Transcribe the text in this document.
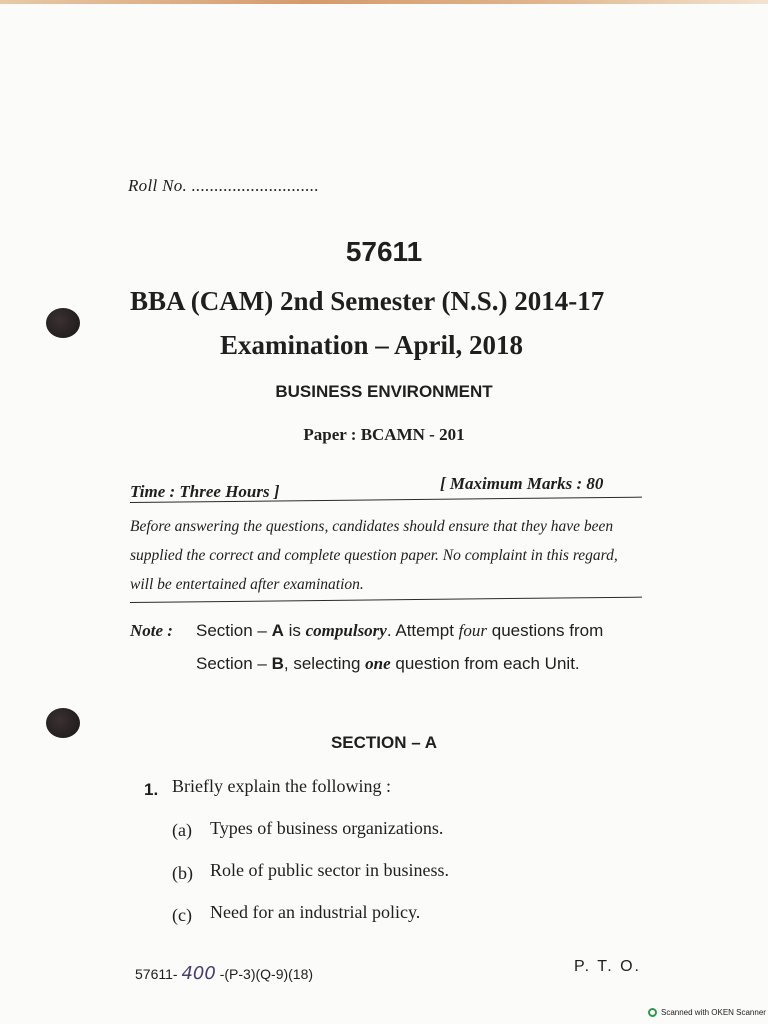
Roll No. ............................
57611
BBA (CAM) 2nd Semester (N.S.) 2014-17
Examination – April, 2018
BUSINESS ENVIRONMENT
Paper : BCAMN - 201
Time : Three Hours ]	[ Maximum Marks : 80
Before answering the questions, candidates should ensure that they have been supplied the correct and complete question paper. No complaint in this regard, will be entertained after examination.
Note : Section – A is compulsory. Attempt four questions from Section – B, selecting one question from each Unit.
SECTION – A
1. Briefly explain the following :
(a) Types of business organizations.
(b) Role of public sector in business.
(c) Need for an industrial policy.
57611- 400 -(P-3)(Q-9)(18)	P. T. O.
Scanned with OKEN Scanner
